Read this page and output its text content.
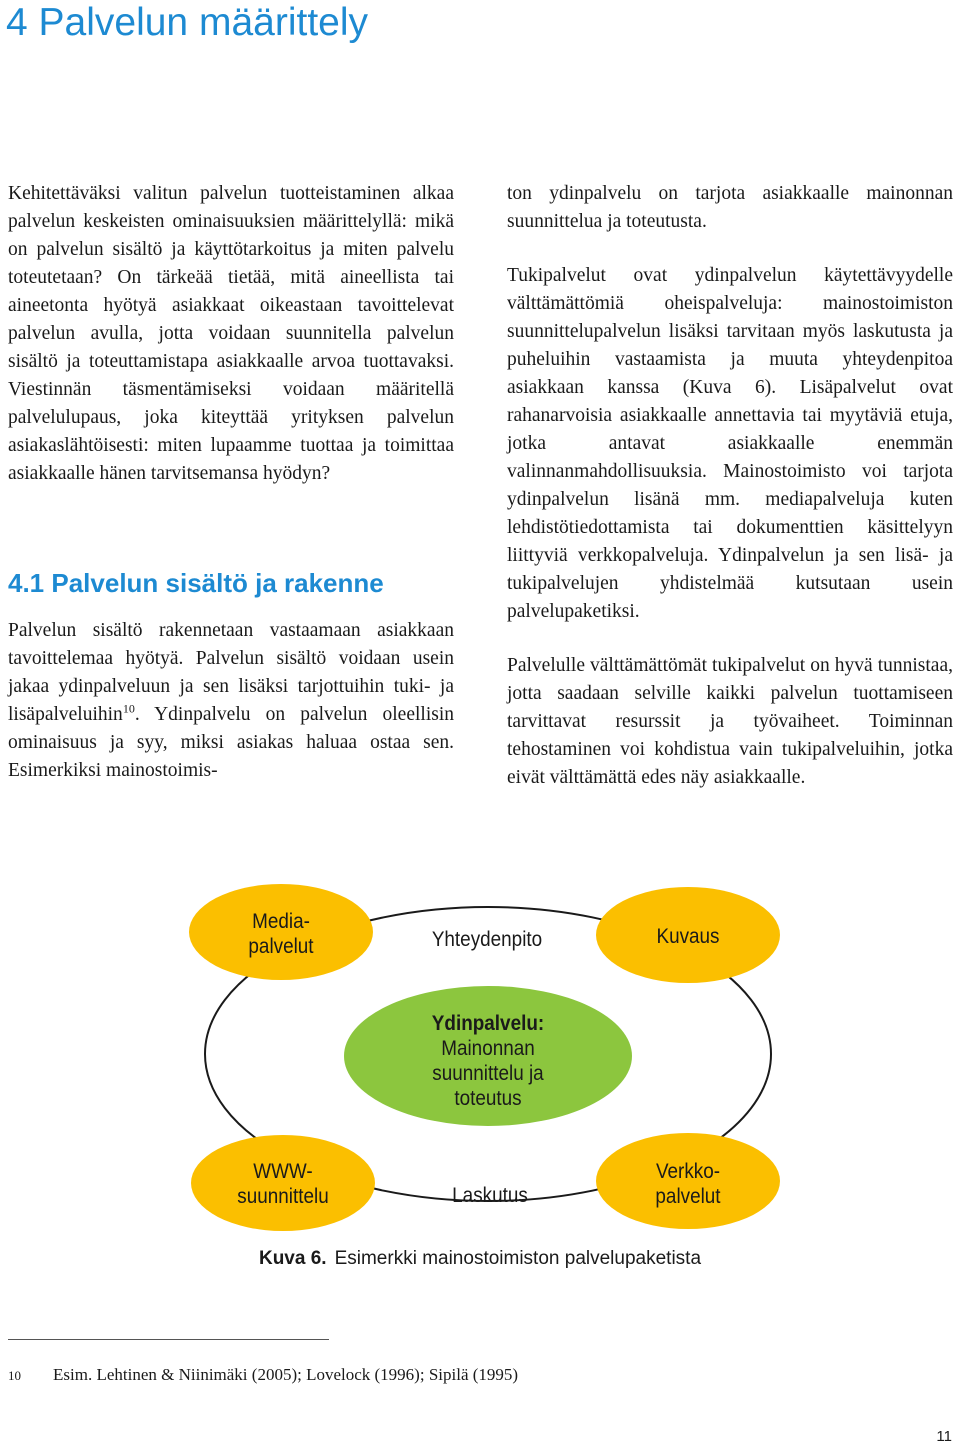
4 Palvelun määrittely

Kehitettäväksi valitun palvelun tuotteistaminen alkaa palvelun keskeisten ominaisuuksien määrittelyllä: mikä on palvelun sisältö ja käyttötarkoitus ja miten palvelu toteutetaan? On tärkeää tietää, mitä aineellista tai aineetonta hyötyä asiakkaat oikeastaan tavoittelevat palvelun avulla, jotta voidaan suunnitella palvelun sisältö ja toteuttamistapa asiakkaalle arvoa tuottavaksi. Viestinnän täsmentämiseksi voidaan määritellä palvelulupaus, joka kiteyttää yrityksen palvelun asiakaslähtöisesti: miten lupaamme tuottaa ja toimittaa asiakkaalle hänen tarvitsemansa hyödyn?

4.1 Palvelun sisältö ja rakenne

Palvelun sisältö rakennetaan vastaamaan asiakkaan tavoittelemaa hyötyä. Palvelun sisältö voidaan usein jakaa ydinpalveluun ja sen lisäksi tarjottuihin tuki- ja lisäpalveluihin$^{10}$. Ydinpalvelu on palvelun oleellisin ominaisuus ja syy, miksi asiakas haluaa ostaa sen. Esimerkiksi mainostoimis-

ton ydinpalvelu on tarjota asiakkaalle mainonnan suunnittelua ja toteutusta.

Tukipalvelut ovat ydinpalvelun käytettävyydelle välttämättömiä oheispalveluja: mainostoimiston suunnittelupalvelun lisäksi tarvitaan myös laskutusta ja puheluihin vastaamista ja muuta yhteydenpitoa asiakkaan kanssa (Kuva 6). Lisäpalvelut ovat rahanarvoisia asiakkaalle annettavia tai myytäviä etuja, jotka antavat asiakkaalle enemmän valinnanmahdollisuuksia. Mainostoimisto voi tarjota ydinpalvelun lisänä mm. mediapalveluja kuten lehdistötiedottamista tai dokumenttien käsittelyyn liittyviä verkkopalveluja. Ydinpalvelun ja sen lisä- ja tukipalvelujen yhdistelmää kutsutaan usein palvelupaketiksi.

Palvelulle välttämättömät tukipalvelut on hyvä tunnistaa, jotta saadaan selville kaikki palvelun tuottamiseen tarvittavat resurssit ja työvaiheet. Toiminnan tehostaminen voi kohdistua vain tukipalveluihin, jotka eivät välttämättä edes näy asiakkaalle.

Media-
palvelut	Yhteydenpito	Kuvaus
Ydinpalvelu:
Mainonnan
suunnittelu ja
toteutus
WWW-
suunnittelu	Laskutus
Verkko-
palvelut
Kuva 6. Esimerkki mainostoimiston palvelupaketista
10 Esim. Lehtinen & Niinimäki (2005); Lovelock (1996); Sipilä (1995)
11
